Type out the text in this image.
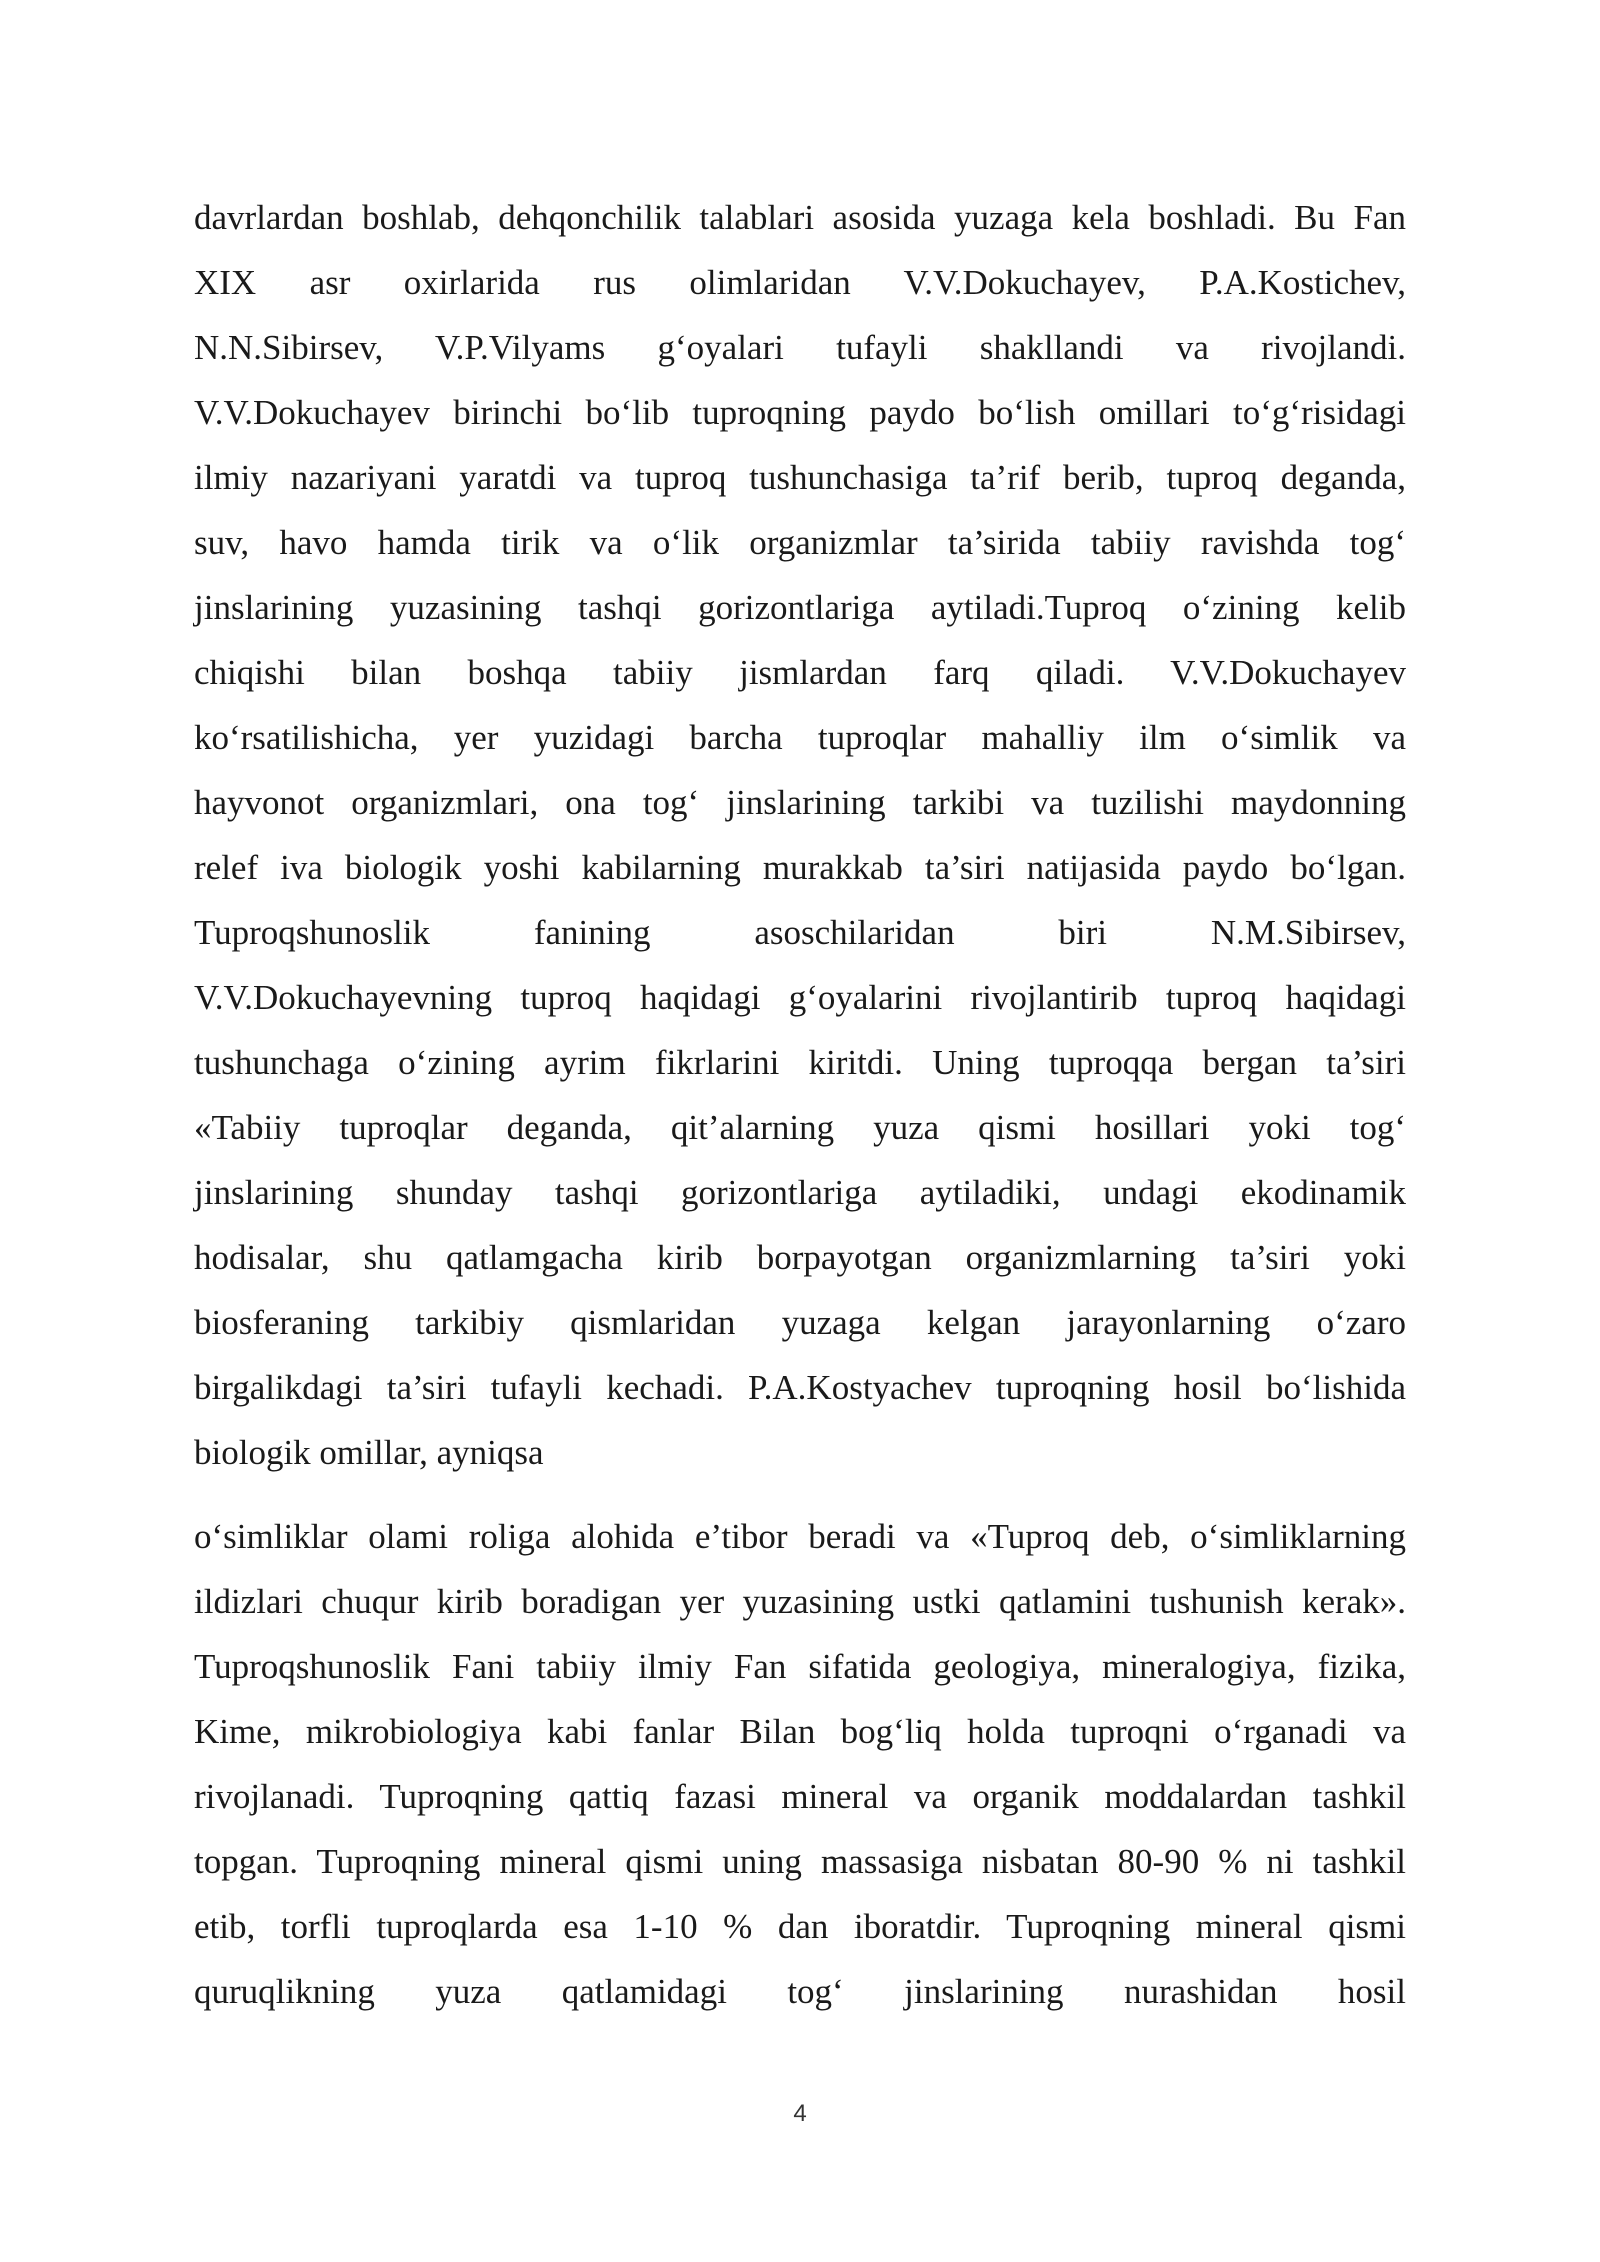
davrlardan boshlab, dehqonchilik talablari asosida yuzaga kela boshladi. Bu Fan
XIX asr oxirlarida rus olimlaridan V.V.Dokuchayev, P.A.Kostichev,
N.N.Sibirsev, V.P.Vilyams g‘oyalari tufayli shakllandi va rivojlandi.
V.V.Dokuchayev birinchi bo‘lib tuproqning paydo bo‘lish omillari to‘g‘risidagi
ilmiy nazariyani yaratdi va tuproq tushunchasiga ta’rif berib, tuproq deganda,
suv, havo hamda tirik va o‘lik organizmlar ta’sirida tabiiy ravishda tog‘
jinslarining yuzasining tashqi gorizontlariga aytiladi.Tuproq o‘zining kelib
chiqishi bilan boshqa tabiiy jismlardan farq qiladi. V.V.Dokuchayev
ko‘rsatilishicha, yer yuzidagi barcha tuproqlar mahalliy ilm o‘simlik va
hayvonot organizmlari, ona tog‘ jinslarining tarkibi va tuzilishi maydonning
relef iva biologik yoshi kabilarning murakkab ta’siri natijasida paydo bo‘lgan.
Tuproqshunoslik fanining asoschilaridan biri N.M.Sibirsev,
V.V.Dokuchayevning tuproq haqidagi g‘oyalarini rivojlantirib tuproq haqidagi
tushunchaga o‘zining ayrim fikrlarini kiritdi. Uning tuproqqa bergan ta’siri
«Tabiiy tuproqlar deganda, qit’alarning yuza qismi hosillari yoki tog‘
jinslarining shunday tashqi gorizontlariga aytiladiki, undagi ekodinamik
hodisalar, shu qatlamgacha kirib borpayotgan organizmlarning ta’siri yoki
biosferaning tarkibiy qismlaridan yuzaga kelgan jarayonlarning o‘zaro
birgalikdagi ta’siri tufayli kechadi. P.A.Kostyachev tuproqning hosil bo‘lishida
biologik omillar, ayniqsa
o‘simliklar olami roliga alohida e’tibor beradi va «Tuproq deb, o‘simliklarning
ildizlari chuqur kirib boradigan yer yuzasining ustki qatlamini tushunish kerak».
Tuproqshunoslik Fani tabiiy ilmiy Fan sifatida geologiya, mineralogiya, fizika,
Kime, mikrobiologiya kabi fanlar Bilan bog‘liq holda tuproqni o‘rganadi va
rivojlanadi. Tuproqning qattiq fazasi mineral va organik moddalardan tashkil
topgan. Tuproqning mineral qismi uning massasiga nisbatan 80-90 % ni tashkil
etib, torfli tuproqlarda esa 1-10 % dan iboratdir. Tuproqning mineral qismi
quruqlikning yuza qatlamidagi tog‘ jinslarining nurashidan hosil
4
